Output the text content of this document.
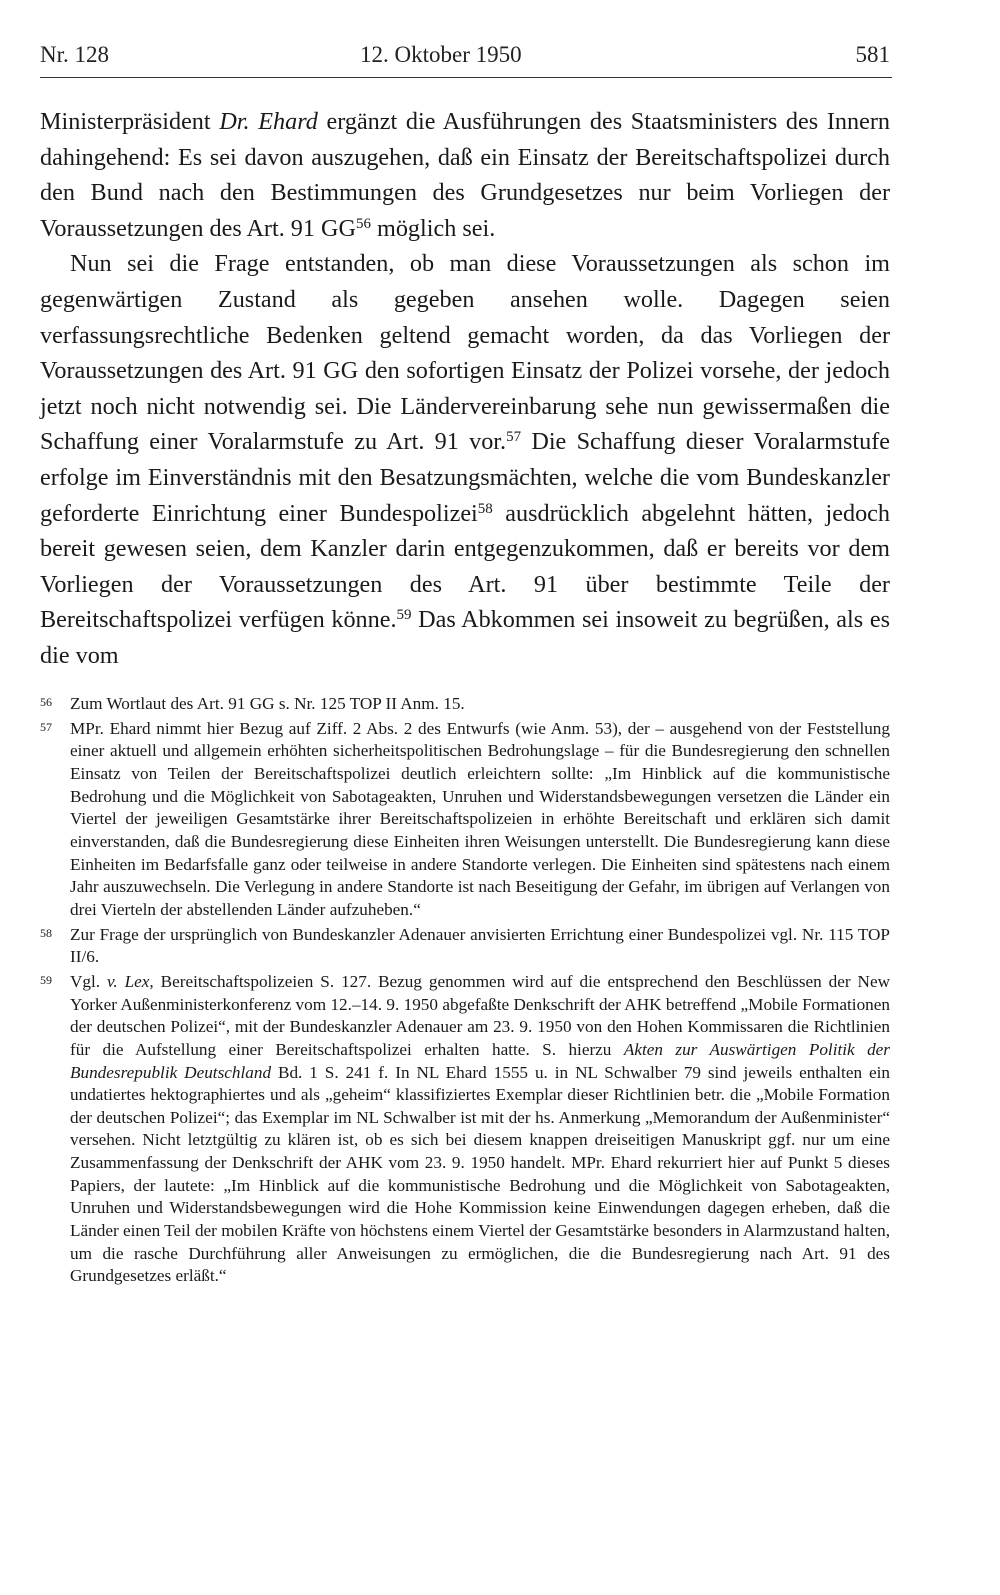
Nr. 128	12. Oktober 1950	581

Ministerpräsident Dr. Ehard ergänzt die Ausführungen des Staatsministers des Innern dahingehend: Es sei davon auszugehen, daß ein Einsatz der Bereitschaftspolizei durch den Bund nach den Bestimmungen des Grundgesetzes nur beim Vorliegen der Voraussetzungen des Art. 91 GG$^{56}$ möglich sei.

Nun sei die Frage entstanden, ob man diese Voraussetzungen als schon im gegenwärtigen Zustand als gegeben ansehen wolle. Dagegen seien verfassungsrechtliche Bedenken geltend gemacht worden, da das Vorliegen der Voraussetzungen des Art. 91 GG den sofortigen Einsatz der Polizei vorsehe, der jedoch jetzt noch nicht notwendig sei. Die Ländervereinbarung sehe nun gewissermaßen die Schaffung einer Voralarmstufe zu Art. 91 vor.$^{57}$ Die Schaffung dieser Voralarmstufe erfolge im Einverständnis mit den Besatzungsmächten, welche die vom Bundeskanzler geforderte Einrichtung einer Bundespolizei$^{58}$ ausdrücklich abgelehnt hätten, jedoch bereit gewesen seien, dem Kanzler darin entgegenzukommen, daß er bereits vor dem Vorliegen der Voraussetzungen des Art. 91 über bestimmte Teile der Bereitschaftspolizei verfügen könne.$^{59}$ Das Abkommen sei insoweit zu begrüßen, als es die vom

56 Zum Wortlaut des Art. 91 GG s. Nr. 125 TOP II Anm. 15.
57 MPr. Ehard nimmt hier Bezug auf Ziff. 2 Abs. 2 des Entwurfs (wie Anm. 53), der – ausgehend von der Feststellung einer aktuell und allgemein erhöhten sicherheitspolitischen Bedrohungslage – für die Bundesregierung den schnellen Einsatz von Teilen der Bereitschaftspolizei deutlich erleichtern sollte: „Im Hinblick auf die kommunistische Bedrohung und die Möglichkeit von Sabotageakten, Unruhen und Widerstandsbewegungen versetzen die Länder ein Viertel der jeweiligen Gesamtstärke ihrer Bereitschaftspolizeien in erhöhte Bereitschaft und erklären sich damit einverstanden, daß die Bundesregierung diese Einheiten ihren Weisungen unterstellt. Die Bundesregierung kann diese Einheiten im Bedarfsfalle ganz oder teilweise in andere Standorte verlegen. Die Einheiten sind spätestens nach einem Jahr auszuwechseln. Die Verlegung in andere Standorte ist nach Beseitigung der Gefahr, im übrigen auf Verlangen von drei Vierteln der abstellenden Länder aufzuheben.“
58 Zur Frage der ursprünglich von Bundeskanzler Adenauer anvisierten Errichtung einer Bundespolizei vgl. Nr. 115 TOP II/6.
59 Vgl. v. Lex, Bereitschaftspolizeien S. 127. Bezug genommen wird auf die entsprechend den Beschlüssen der New Yorker Außenministerkonferenz vom 12.–14. 9. 1950 abgefaßte Denkschrift der AHK betreffend „Mobile Formationen der deutschen Polizei“, mit der Bundeskanzler Adenauer am 23. 9. 1950 von den Hohen Kommissaren die Richtlinien für die Aufstellung einer Bereitschaftspolizei erhalten hatte. S. hierzu Akten zur Auswärtigen Politik der Bundesrepublik Deutschland Bd. 1 S. 241 f. In NL Ehard 1555 u. in NL Schwalber 79 sind jeweils enthalten ein undatiertes hektographiertes und als „geheim“ klassifiziertes Exemplar dieser Richtlinien betr. die „Mobile Formation der deutschen Polizei“; das Exemplar im NL Schwalber ist mit der hs. Anmerkung „Memorandum der Außenminister“ versehen. Nicht letztgültig zu klären ist, ob es sich bei diesem knappen dreiseitigen Manuskript ggf. nur um eine Zusammenfassung der Denkschrift der AHK vom 23. 9. 1950 handelt. MPr. Ehard rekurriert hier auf Punkt 5 dieses Papiers, der lautete: „Im Hinblick auf die kommunistische Bedrohung und die Möglichkeit von Sabotageakten, Unruhen und Widerstandsbewegungen wird die Hohe Kommission keine Einwendungen dagegen erheben, daß die Länder einen Teil der mobilen Kräfte von höchstens einem Viertel der Gesamtstärke besonders in Alarmzustand halten, um die rasche Durchführung aller Anweisungen zu ermöglichen, die die Bundesregierung nach Art. 91 des Grundgesetzes erläßt.“
